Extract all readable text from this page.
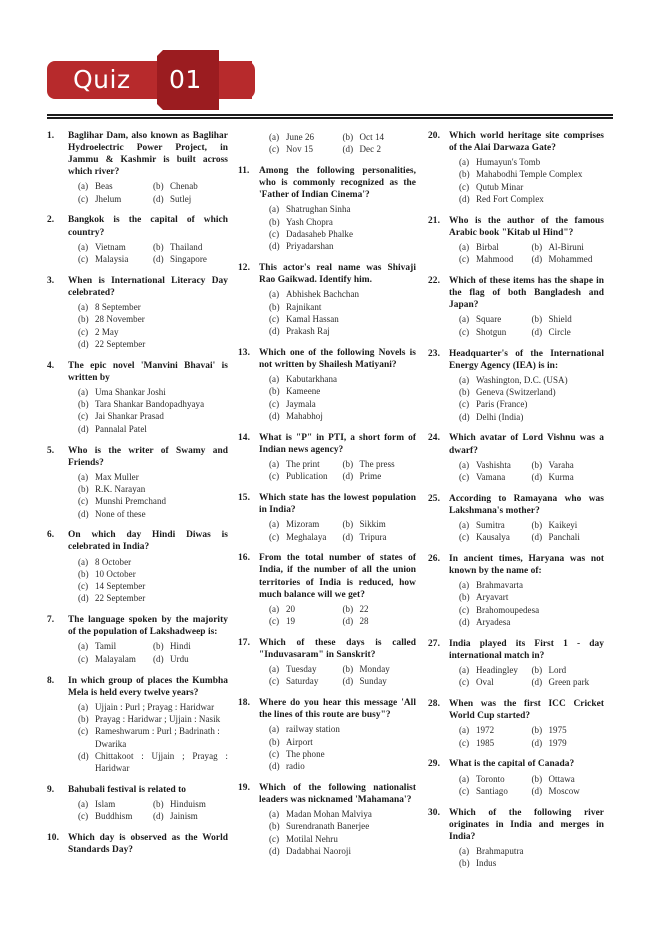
Quiz 01
1.	Baglihar Dam, also known as Baglihar Hydroelectric Power Project, in Jammu & Kashmir is built across which river?
(a) Beas	(b) Chenab
(c) Jhelum	(d) Sutlej
2.	Bangkok is the capital of which country?
(a) Vietnam	(b) Thailand
(c) Malaysia	(d) Singapore
3.	When is International Literacy Day celebrated?
(a) 8 September
(b) 28 November
(c) 2 May
(d) 22 September
4.	The epic novel 'Manvini Bhavai' is written by
(a) Uma Shankar Joshi
(b) Tara Shankar Bandopadhyaya
(c) Jai Shankar Prasad
(d) Pannalal Patel
5.	Who is the writer of Swamy and Friends?
(a) Max Muller
(b) R.K. Narayan
(c) Munshi Premchand
(d) None of these
6.	On which day Hindi Diwas is celebrated in India?
(a) 8 October
(b) 10 October
(c) 14 September
(d) 22 September
7.	The language spoken by the majority of the population of Lakshadweep is:
(a) Tamil	(b) Hindi
(c) Malayalam	(d) Urdu
8.	In which group of places the Kumbha Mela is held every twelve years?
(a) Ujjain : Purl ; Prayag : Haridwar
(b) Prayag : Haridwar ; Ujjain : Nasik
(c) Rameshwarum : Purl ; Badrinath : Dwarika
(d) Chittakoot : Ujjain ; Prayag : Haridwar
9.	Bahubali festival is related to
(a) Islam	(b) Hinduism
(c) Buddhism	(d) Jainism
10. Which day is observed as the World Standards Day?
(a) June 26	(b) Oct 14
(c) Nov 15	(d) Dec 2
11.	Among the following personalities, who is commonly recognized as the 'Father of Indian Cinema'?
(a) Shatrughan Sinha
(b) Yash Chopra
(c) Dadasaheb Phalke
(d) Priyadarshan
12. This actor's real name was Shivaji Rao Gaikwad. Identify him.
(a) Abhishek Bachchan
(b) Rajnikant
(c) Kamal Hassan
(d) Prakash Raj
13. Which one of the following Novels is not written by Shailesh Matiyani?
(a) Kabutarkhana
(b) Kameene
(c) Jaymala
(d) Mahabhoj
14. What is "P" in PTI, a short form of Indian news agency?
(a) The print	(b) The press
(c) Publication	(d) Prime
15. Which state has the lowest population in India?
(a) Mizoram	(b) Sikkim
(c) Meghalaya	(d) Tripura
16. From the total number of states of India, if the number of all the union territories of India is reduced, how much balance will we get?
(a) 20	(b) 22
(c) 19	(d) 28
17. Which of these days is called "Induvasaram" in Sanskrit?
(a) Tuesday	(b) Monday
(c) Saturday	(d) Sunday
18. Where do you hear this message 'All the lines of this route are busy"?
(a) railway station
(b) Airport
(c) The phone
(d) radio
19. Which of the following nationalist leaders was nicknamed 'Mahamana'?
(a) Madan Mohan Malviya
(b) Surendranath Banerjee
(c) Motilal Nehru
(d) Dadabhai Naoroji
20. Which world heritage site comprises of the Alai Darwaza Gate?
(a) Humayun's Tomb
(b) Mahabodhi Temple Complex
(c) Qutub Minar
(d) Red Fort Complex
21. Who is the author of the famous Arabic book "Kitab ul Hind"?
(a) Birbal	(b) Al-Biruni
(c) Mahmood	(d) Mohammed
22. Which of these items has the shape in the flag of both Bangladesh and Japan?
(a) Square	(b) Shield
(c) Shotgun	(d) Circle
23. Headquarter's of the International Energy Agency (IEA) is in:
(a) Washington, D.C. (USA)
(b) Geneva (Switzerland)
(c) Paris (France)
(d) Delhi (India)
24. Which avatar of Lord Vishnu was a dwarf?
(a) Vashishta	(b) Varaha
(c) Vamana	(d) Kurma
25. According to Ramayana who was Lakshmana's mother?
(a) Sumitra	(b) Kaikeyi
(c) Kausalya	(d) Panchali
26. In ancient times, Haryana was not known by the name of:
(a) Brahmavarta
(b) Aryavart
(c) Brahomoupedesa
(d) Aryadesa
27. India played its First 1 - day international match in?
(a) Headingley	(b) Lord
(c) Oval	(d) Green park
28. When was the first ICC Cricket World Cup started?
(a) 1972	(b) 1975
(c) 1985	(d) 1979
29. What is the capital of Canada?
(a) Toronto	(b) Ottawa
(c) Santiago	(d) Moscow
30. Which of the following river originates in India and merges in India?
(a) Brahmaputra
(b) Indus
